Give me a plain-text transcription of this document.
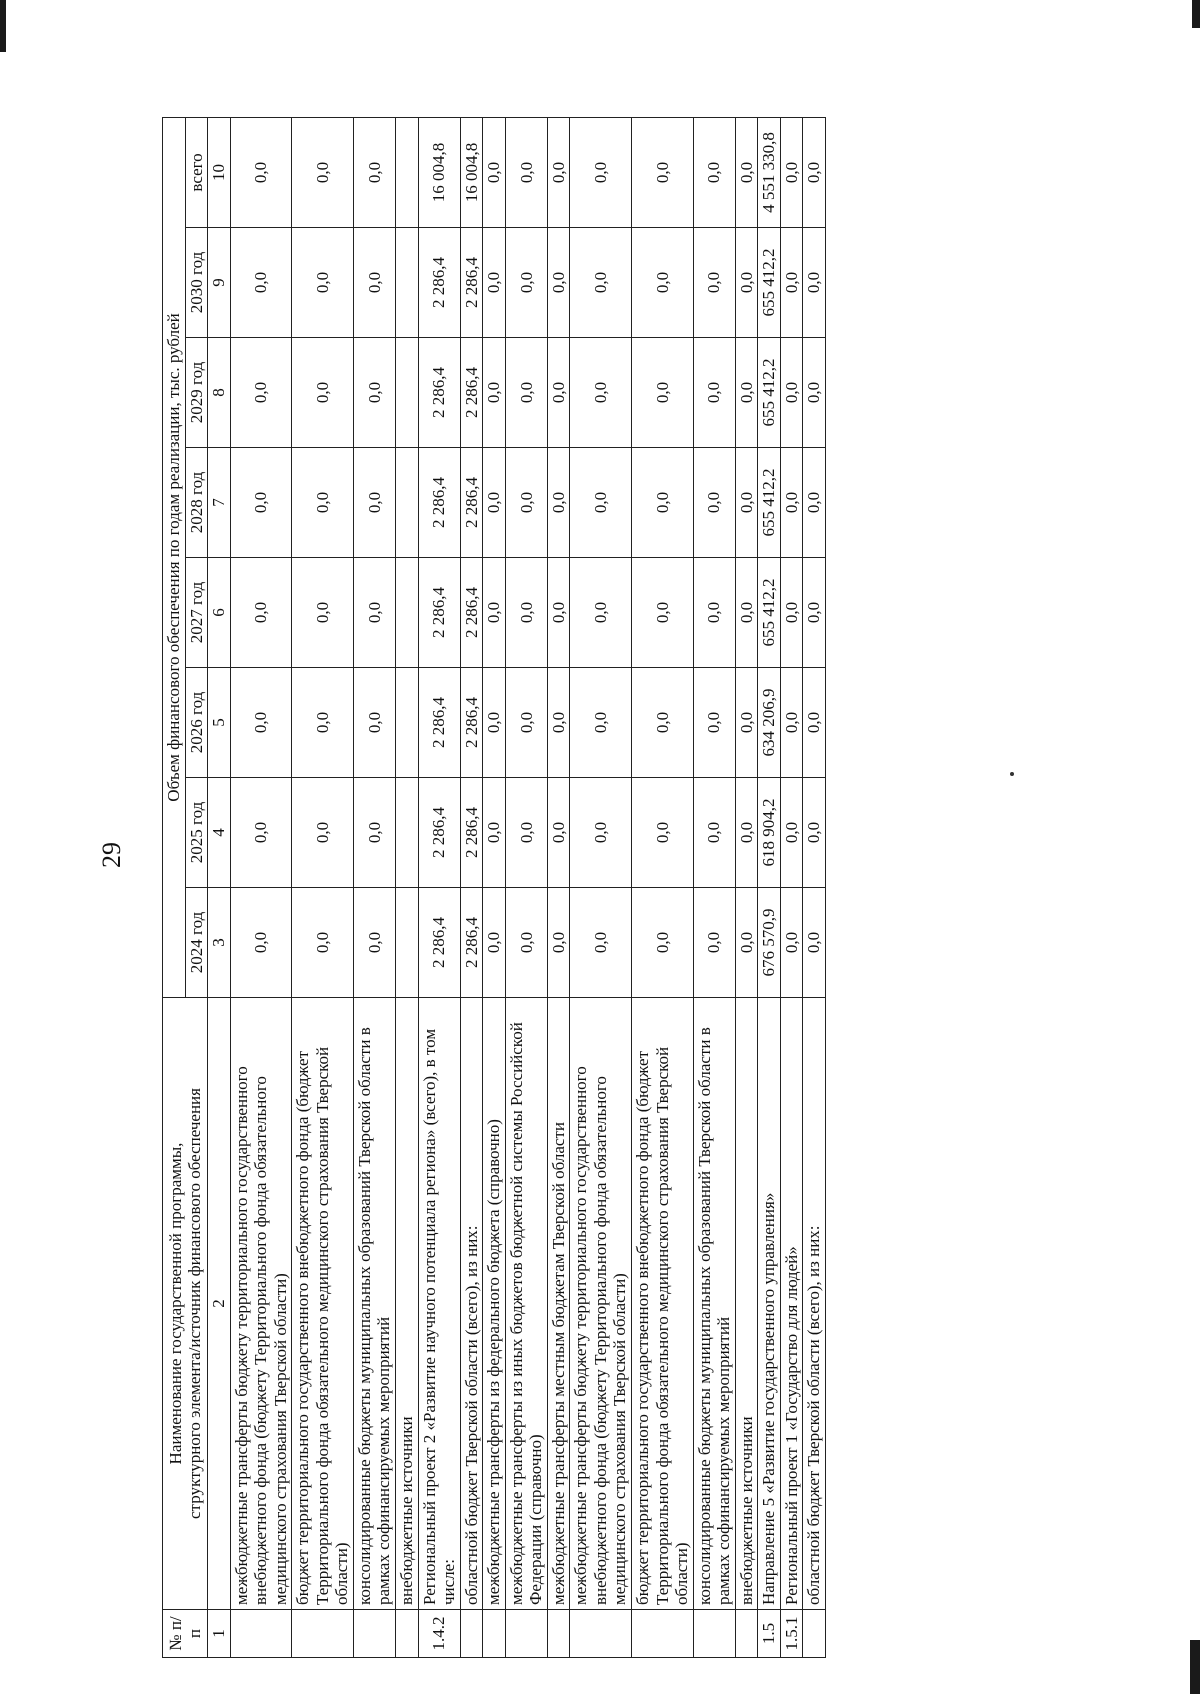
29
№ п/п	Наименование государственной программы, структурного элемента/источник финансового обеспечения	Объем финансового обеспечения по годам реализации, тыс. рублей							
		2024 год	2025 год	2026 год	2027 год	2028 год	2029 год	2030 год	всего
1	2	3	4	5	6	7	8	9	10
	межбюджетные трансферты бюджету территориального государственного внебюджетного фонда (бюджету Территориального фонда обязательного медицинского страхования Тверской области)	0,0	0,0	0,0	0,0	0,0	0,0	0,0	0,0
	бюджет территориального государственного внебюджетного фонда (бюджет Территориального фонда обязательного медицинского страхования Тверской области)	0,0	0,0	0,0	0,0	0,0	0,0	0,0	0,0
	консолидированные бюджеты муниципальных образований Тверской области в рамках софинансируемых мероприятий	0,0	0,0	0,0	0,0	0,0	0,0	0,0	0,0
	внебюджетные источники								
1.4.2	Региональный проект 2 «Развитие научного потенциала региона» (всего), в том числе:	2 286,4	2 286,4	2 286,4	2 286,4	2 286,4	2 286,4	2 286,4	16 004,8
	областной бюджет Тверской области (всего), из них:	2 286,4	2 286,4	2 286,4	2 286,4	2 286,4	2 286,4	2 286,4	16 004,8
	межбюджетные трансферты из федерального бюджета (справочно)	0,0	0,0	0,0	0,0	0,0	0,0	0,0	0,0
	межбюджетные трансферты из иных бюджетов бюджетной системы Российской Федерации (справочно)	0,0	0,0	0,0	0,0	0,0	0,0	0,0	0,0
	межбюджетные трансферты местным бюджетам Тверской области	0,0	0,0	0,0	0,0	0,0	0,0	0,0	0,0
	межбюджетные трансферты бюджету территориального государственного внебюджетного фонда (бюджету Территориального фонда обязательного медицинского страхования Тверской области)	0,0	0,0	0,0	0,0	0,0	0,0	0,0	0,0
	бюджет территориального государственного внебюджетного фонда (бюджет Территориального фонда обязательного медицинского страхования Тверской области)	0,0	0,0	0,0	0,0	0,0	0,0	0,0	0,0
	консолидированные бюджеты муниципальных образований Тверской области в рамках софинансируемых мероприятий	0,0	0,0	0,0	0,0	0,0	0,0	0,0	0,0
	внебюджетные источники	0,0	0,0	0,0	0,0	0,0	0,0	0,0	0,0
1.5	Направление 5 «Развитие государственного управления»	676 570,9	618 904,2	634 206,9	655 412,2	655 412,2	655 412,2	655 412,2	4 551 330,8
1.5.1	Региональный проект 1 «Государство для людей»	0,0	0,0	0,0	0,0	0,0	0,0	0,0	0,0
	областной бюджет Тверской области (всего), из них:	0,0	0,0	0,0	0,0	0,0	0,0	0,0	0,0
